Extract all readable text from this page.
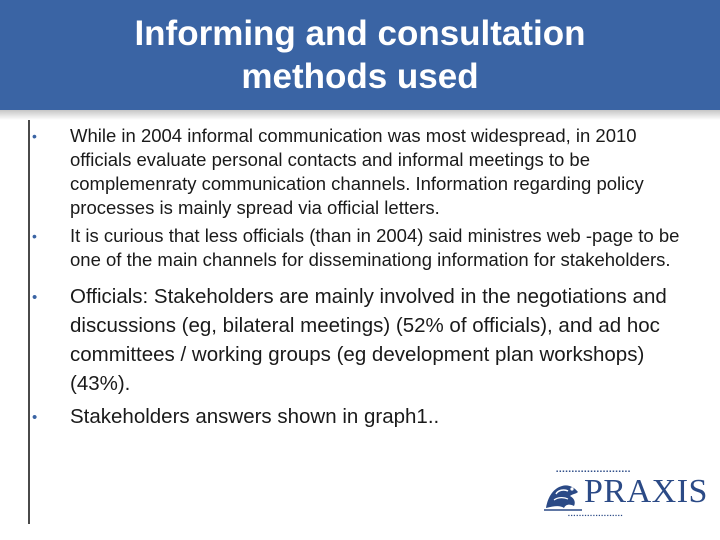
Informing and consultation
methods used
• While in 2004 informal communication was most widespread, in 2010 officials evaluate personal contacts and informal meetings to be complemenraty communication channels. Information regarding policy processes is mainly spread via official letters.
• It is curious that less officials (than in 2004) said ministres web -page to be one of the main channels for disseminationg information for stakeholders.
• Officials: Stakeholders are mainly involved in the negotiations and discussions (eg, bilateral meetings) (52% of officials), and ad hoc committees / working groups (eg development plan workshops) (43%).
• Stakeholders answers shown in graph1..
▪▪▪▪▪▪▪▪▪▪▪▪▪▪▪▪▪▪▪▪▪▪▪▪
PRAXIS
▪▪▪▪▪▪▪▪▪▪▪▪▪▪▪▪▪▪▪▪
